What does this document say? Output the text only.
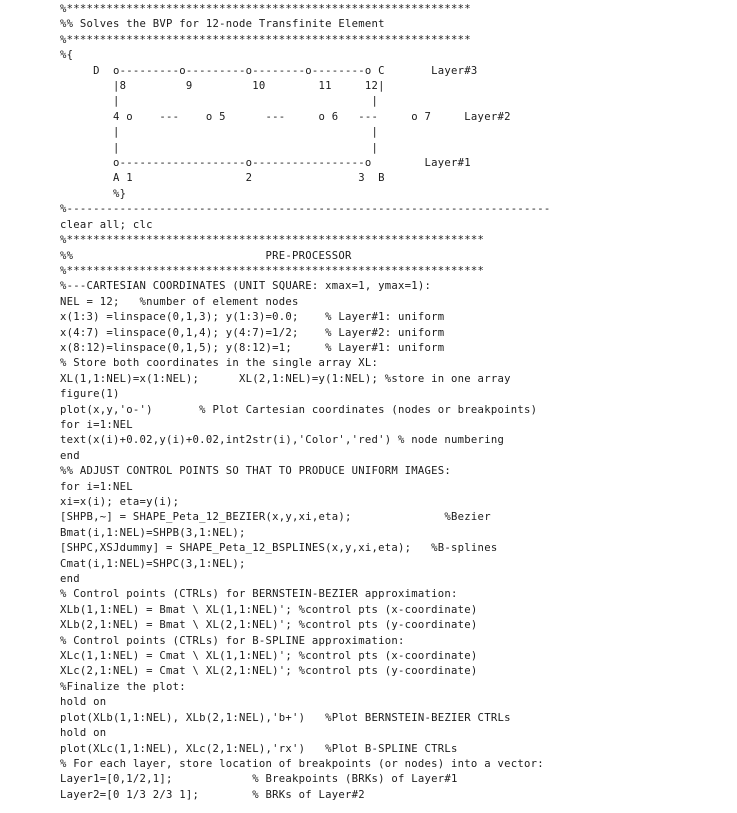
%*************************************************************
%% Solves the BVP for 12-node Transfinite Element
%*************************************************************
%{
D  o---------o---------o--------o--------o C       Layer#3
|8         9         10        11     12|
|                                      |
4 o    ---    o 5      ---     o 6   ---     o 7     Layer#2
|                                      |
|                                      |
o-------------------o-----------------o        Layer#1
A 1                 2                3  B
%}
%-------------------------------------------------------------------------
clear all; clc
%***************************************************************
%%                             PRE-PROCESSOR
%***************************************************************
%---CARTESIAN COORDINATES (UNIT SQUARE: xmax=1, ymax=1):
NEL = 12;   %number of element nodes
x(1:3) =linspace(0,1,3); y(1:3)=0.0;    % Layer#1: uniform
x(4:7) =linspace(0,1,4); y(4:7)=1/2;    % Layer#2: uniform
x(8:12)=linspace(0,1,5); y(8:12)=1;     % Layer#1: uniform
% Store both coordinates in the single array XL:
XL(1,1:NEL)=x(1:NEL);      XL(2,1:NEL)=y(1:NEL); %store in one array
figure(1)
plot(x,y,'o-')       % Plot Cartesian coordinates (nodes or breakpoints)
for i=1:NEL
text(x(i)+0.02,y(i)+0.02,int2str(i),'Color','red') % node numbering
end
%% ADJUST CONTROL POINTS SO THAT TO PRODUCE UNIFORM IMAGES:
for i=1:NEL
xi=x(i); eta=y(i);
[SHPB,~] = SHAPE_Peta_12_BEZIER(x,y,xi,eta);              %Bezier
Bmat(i,1:NEL)=SHPB(3,1:NEL);
[SHPC,XSJdummy] = SHAPE_Peta_12_BSPLINES(x,y,xi,eta);   %B-splines
Cmat(i,1:NEL)=SHPC(3,1:NEL);
end
% Control points (CTRLs) for BERNSTEIN-BEZIER approximation:
XLb(1,1:NEL) = Bmat \ XL(1,1:NEL)'; %control pts (x-coordinate)
XLb(2,1:NEL) = Bmat \ XL(2,1:NEL)'; %control pts (y-coordinate)
% Control points (CTRLs) for B-SPLINE approximation:
XLc(1,1:NEL) = Cmat \ XL(1,1:NEL)'; %control pts (x-coordinate)
XLc(2,1:NEL) = Cmat \ XL(2,1:NEL)'; %control pts (y-coordinate)
%Finalize the plot:
hold on
plot(XLb(1,1:NEL), XLb(2,1:NEL),'b+')   %Plot BERNSTEIN-BEZIER CTRLs
hold on
plot(XLc(1,1:NEL), XLc(2,1:NEL),'rx')   %Plot B-SPLINE CTRLs
% For each layer, store location of breakpoints (or nodes) into a vector:
Layer1=[0,1/2,1];            % Breakpoints (BRKs) of Layer#1
Layer2=[0 1/3 2/3 1];        % BRKs of Layer#2
